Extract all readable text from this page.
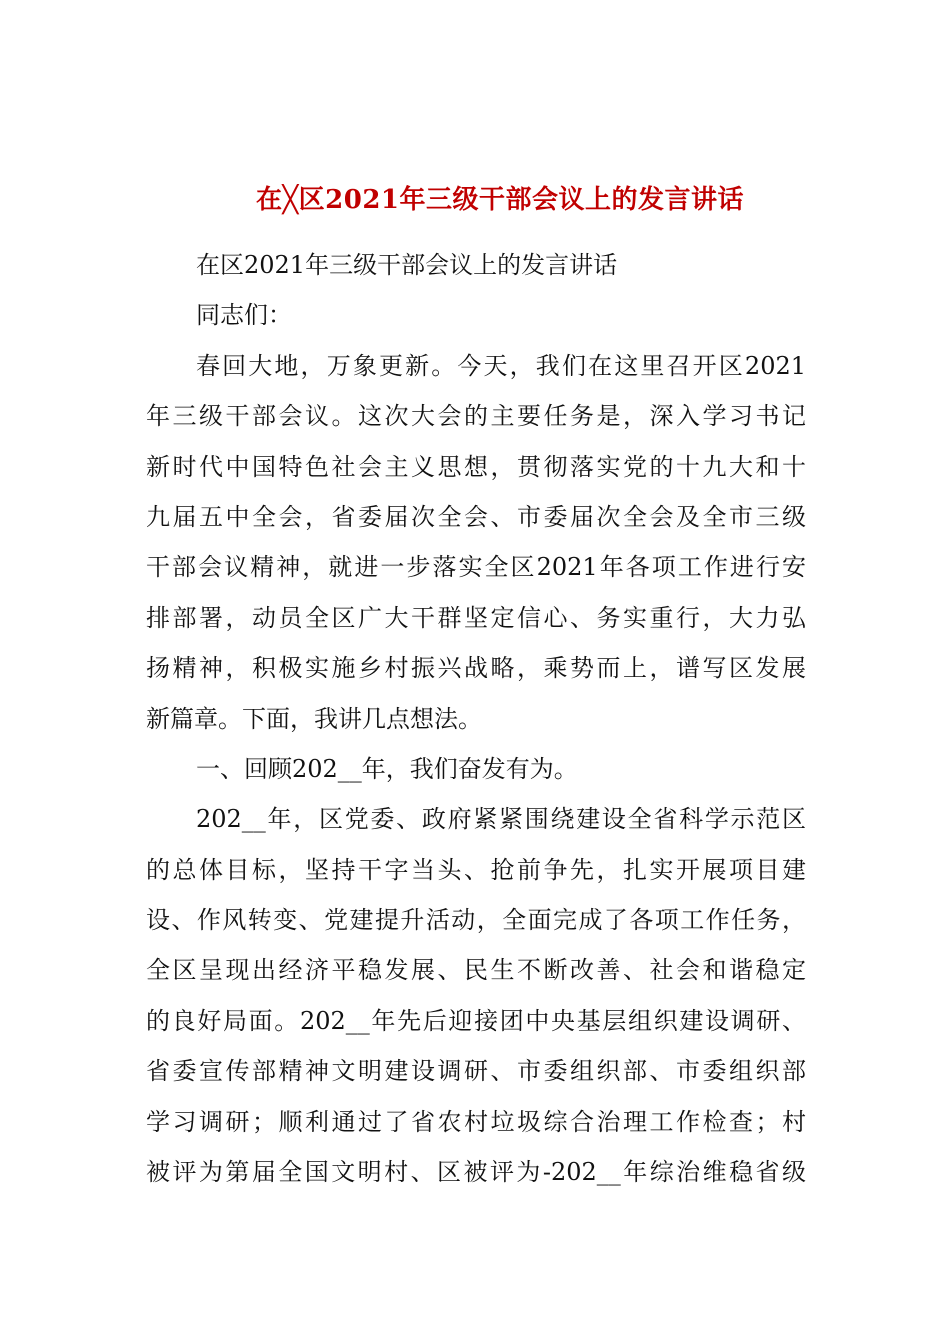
在╳区2021年三级干部会议上的发言讲话
在区2021年三级干部会议上的发言讲话
同志们：
春回大地，万象更新。今天，我们在这里召开区2021
年三级干部会议。这次大会的主要任务是，深入学习书记
新时代中国特色社会主义思想，贯彻落实党的十九大和十
九届五中全会，省委届次全会、市委届次全会及全市三级
干部会议精神，就进一步落实全区2021年各项工作进行安
排部署，动员全区广大干群坚定信心、务实重行，大力弘
扬精神，积极实施乡村振兴战略，乘势而上，谱写区发展
新篇章。下面，我讲几点想法。
一、回顾202__年，我们奋发有为。
202__年，区党委、政府紧紧围绕建设全省科学示范区
的总体目标，坚持干字当头、抢前争先，扎实开展项目建
设、作风转变、党建提升活动，全面完成了各项工作任务，
全区呈现出经济平稳发展、民生不断改善、社会和谐稳定
的良好局面。202__年先后迎接团中央基层组织建设调研、
省委宣传部精神文明建设调研、市委组织部、市委组织部
学习调研；顺利通过了省农村垃圾综合治理工作检查；村
被评为第届全国文明村、区被评为-202__年综治维稳省级
